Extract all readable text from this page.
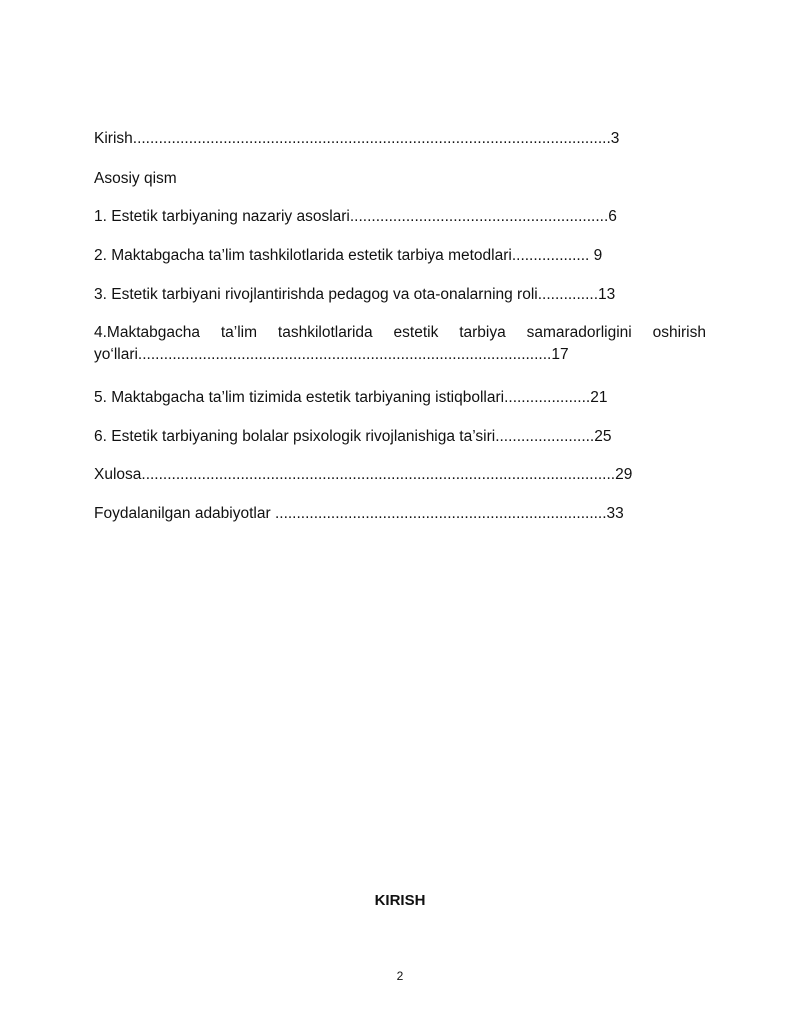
Kirish...............................................................................................................3
Asosiy qism
1. Estetik tarbiyaning nazariy asoslari............................................................6
2. Maktabgacha ta’lim tashkilotlarida estetik tarbiya metodlari.................. 9
3. Estetik tarbiyani rivojlantirishda pedagog va ota-onalarning roli..............13
4.Maktabgacha ta’lim tashkilotlarida estetik tarbiya samaradorligini oshirish
yo‘llari................................................................................................17
5. Maktabgacha ta’lim tizimida estetik tarbiyaning istiqbollari....................21
6. Estetik tarbiyaning bolalar psixologik rivojlanishiga ta’siri.......................25
Xulosa..............................................................................................................29
Foydalanilgan adabiyotlar .............................................................................33
KIRISH
2
